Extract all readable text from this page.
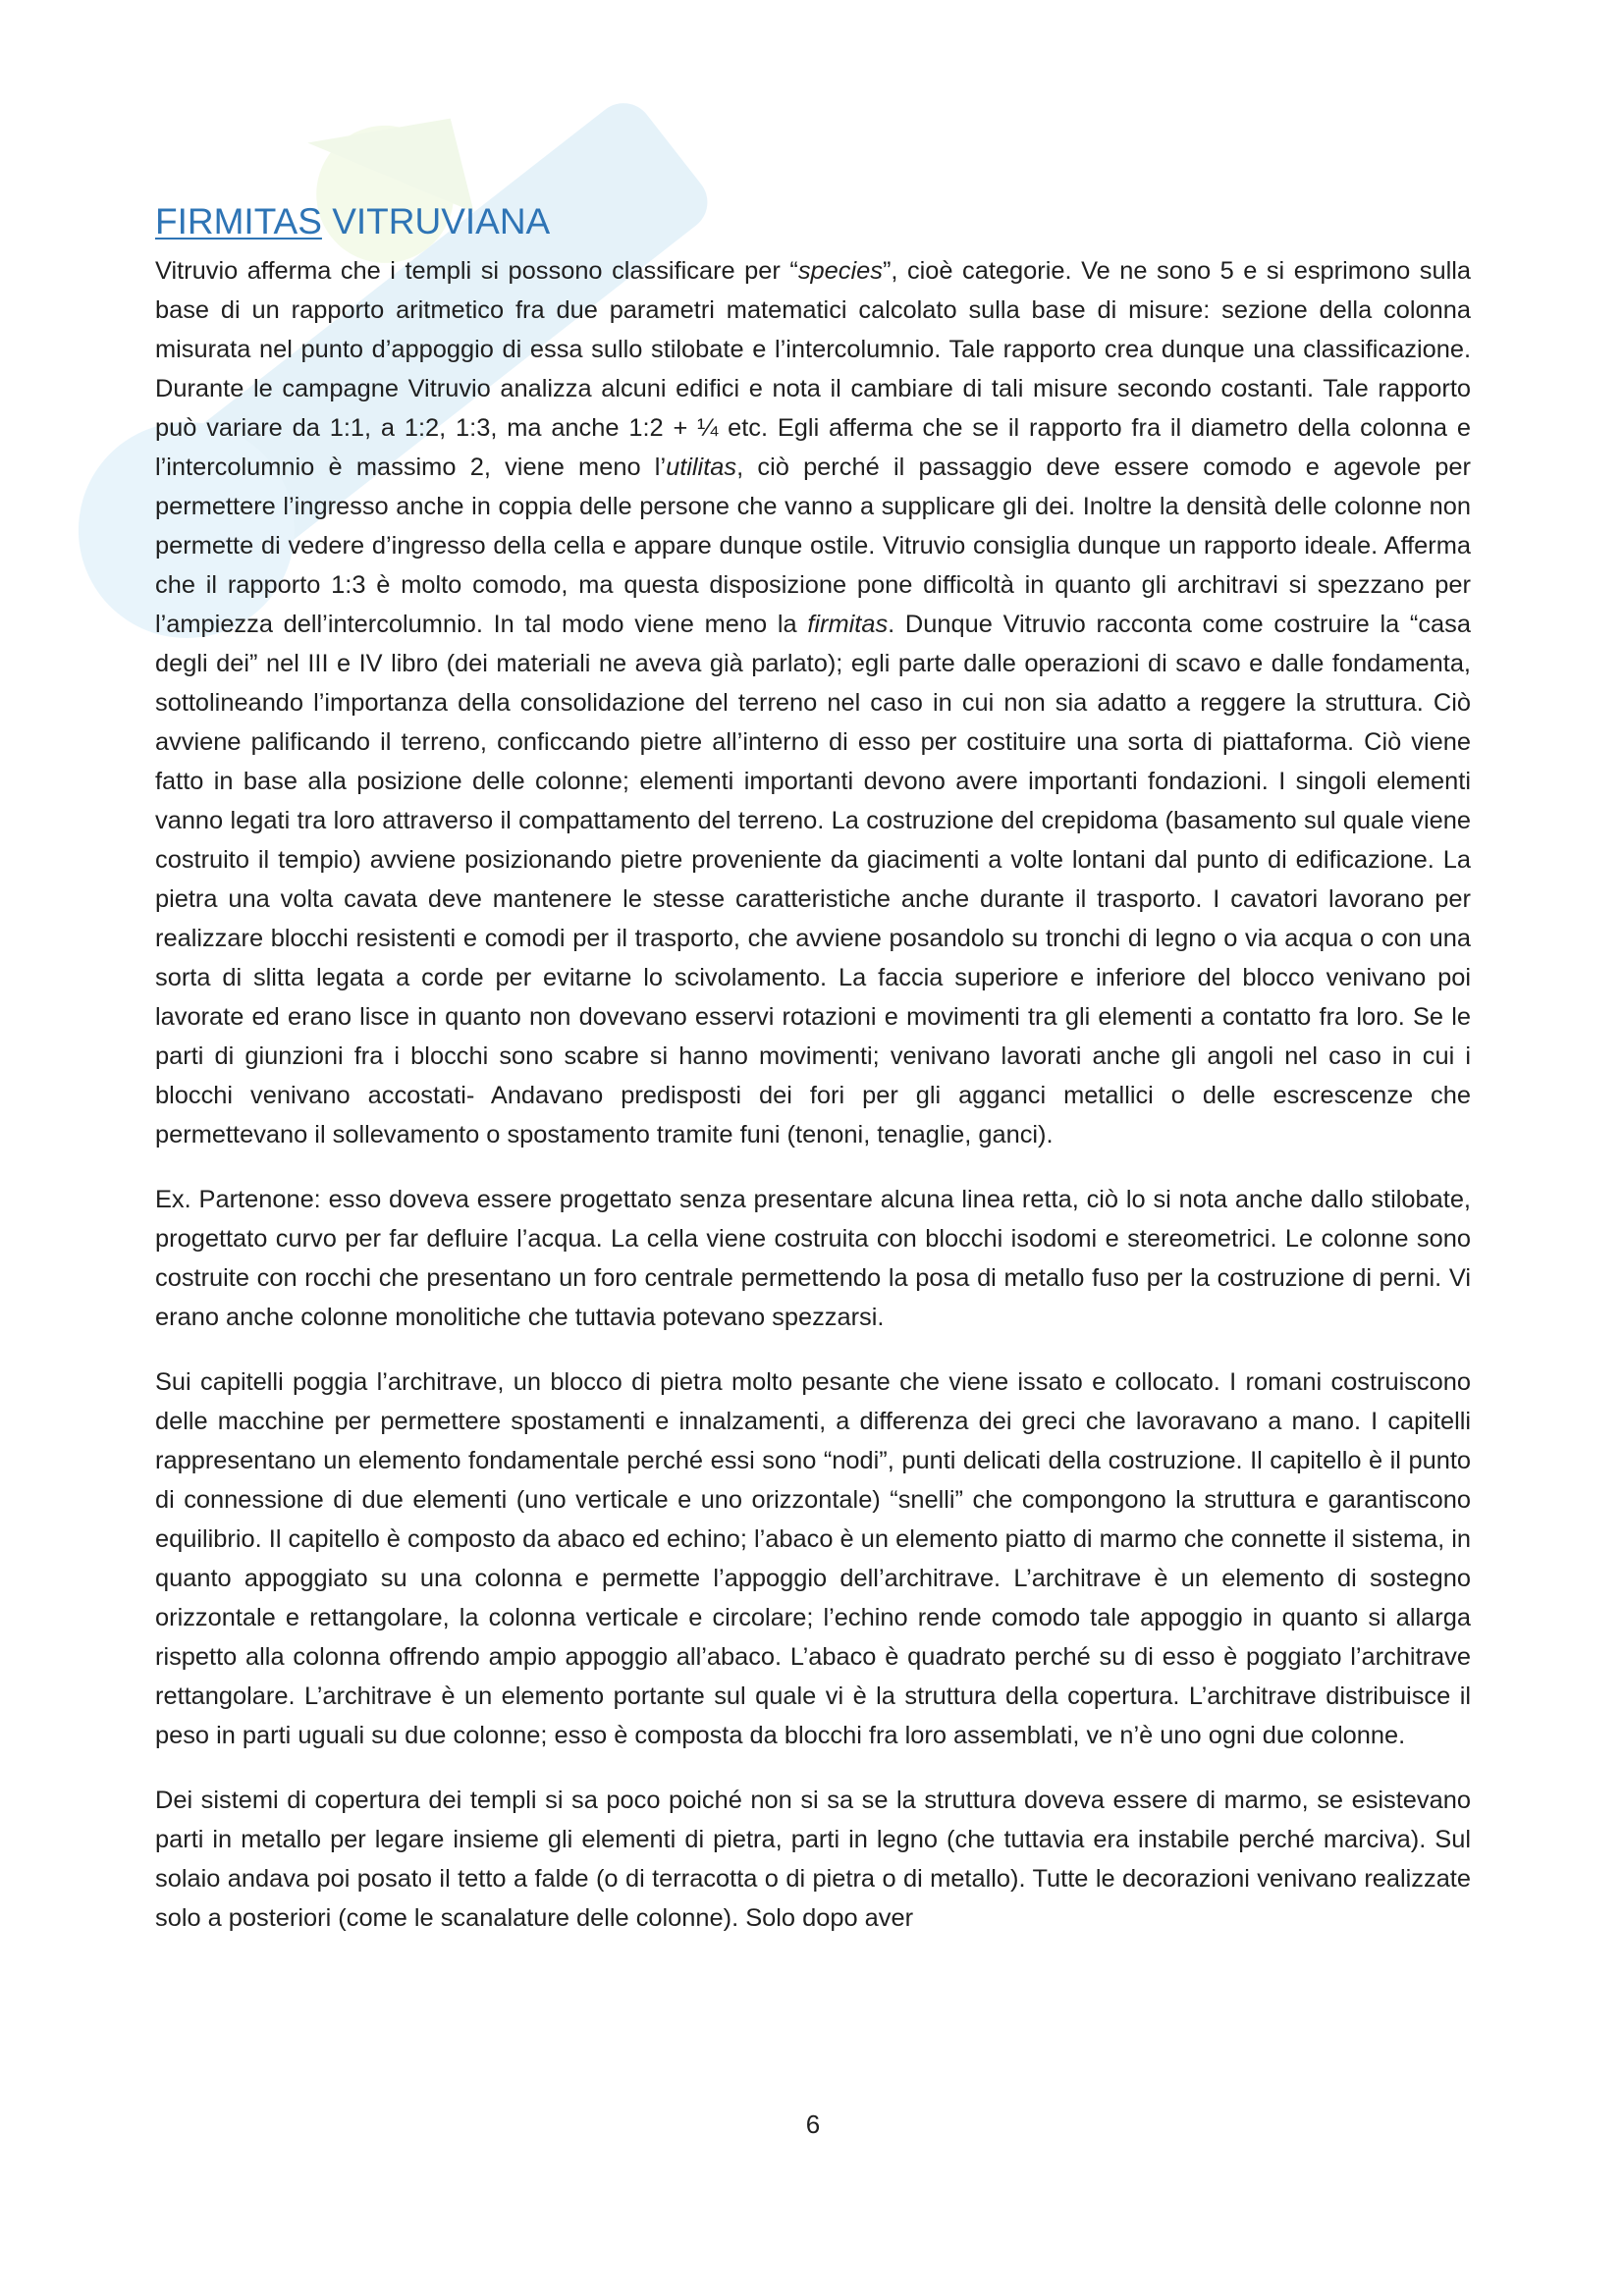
FIRMITAS VITRUVIANA

Vitruvio afferma che i templi si possono classificare per “species”, cioè categorie. Ve ne sono 5 e si esprimono sulla base di un rapporto aritmetico fra due parametri matematici calcolato sulla base di misure: sezione della colonna misurata nel punto d’appoggio di essa sullo stilobate e l’intercolumnio. Tale rapporto crea dunque una classificazione. Durante le campagne Vitruvio analizza alcuni edifici e nota il cambiare di tali misure secondo costanti. Tale rapporto può variare da 1:1, a 1:2, 1:3, ma anche 1:2 + ¼ etc. Egli afferma che se il rapporto fra il diametro della colonna e l’intercolumnio è massimo 2, viene meno l’utilitas, ciò perché il passaggio deve essere comodo e agevole per permettere l’ingresso anche in coppia delle persone che vanno a supplicare gli dei. Inoltre la densità delle colonne non permette di vedere d’ingresso della cella e appare dunque ostile. Vitruvio consiglia dunque un rapporto ideale. Afferma che il rapporto 1:3 è molto comodo, ma questa disposizione pone difficoltà in quanto gli architravi si spezzano per l’ampiezza dell’intercolumnio. In tal modo viene meno la firmitas. Dunque Vitruvio racconta come costruire la “casa degli dei” nel III e IV libro (dei materiali ne aveva già parlato); egli parte dalle operazioni di scavo e dalle fondamenta, sottolineando l’importanza della consolidazione del terreno nel caso in cui non sia adatto a reggere la struttura. Ciò avviene palificando il terreno, conficcando pietre all’interno di esso per costituire una sorta di piattaforma. Ciò viene fatto in base alla posizione delle colonne; elementi importanti devono avere importanti fondazioni. I singoli elementi vanno legati tra loro attraverso il compattamento del terreno. La costruzione del crepidoma (basamento sul quale viene costruito il tempio) avviene posizionando pietre proveniente da giacimenti a volte lontani dal punto di edificazione. La pietra una volta cavata deve mantenere le stesse caratteristiche anche durante il trasporto. I cavatori lavorano per realizzare blocchi resistenti e comodi per il trasporto, che avviene posandolo su tronchi di legno o via acqua o con una sorta di slitta legata a corde per evitarne lo scivolamento. La faccia superiore e inferiore del blocco venivano poi lavorate ed erano lisce in quanto non dovevano esservi rotazioni e movimenti tra gli elementi a contatto fra loro. Se le parti di giunzioni fra i blocchi sono scabre si hanno movimenti; venivano lavorati anche gli angoli nel caso in cui i blocchi venivano accostati- Andavano predisposti dei fori per gli agganci metallici o delle escrescenze che permettevano il sollevamento o spostamento tramite funi (tenoni, tenaglie, ganci).

Ex. Partenone: esso doveva essere progettato senza presentare alcuna linea retta, ciò lo si nota anche dallo stilobate, progettato curvo per far defluire l’acqua. La cella viene costruita con blocchi isodomi e stereometrici. Le colonne sono costruite con rocchi che presentano un foro centrale permettendo la posa di metallo fuso per la costruzione di perni. Vi erano anche colonne monolitiche che tuttavia potevano spezzarsi.

Sui capitelli poggia l’architrave, un blocco di pietra molto pesante che viene issato e collocato. I romani costruiscono delle macchine per permettere spostamenti e innalzamenti, a differenza dei greci che lavoravano a mano. I capitelli rappresentano un elemento fondamentale perché essi sono “nodi”, punti delicati della costruzione. Il capitello è il punto di connessione di due elementi (uno verticale e uno orizzontale) “snelli” che compongono la struttura e garantiscono equilibrio. Il capitello è composto da abaco ed echino; l’abaco è un elemento piatto di marmo che connette il sistema, in quanto appoggiato su una colonna e permette l’appoggio dell’architrave. L’architrave è un elemento di sostegno orizzontale e rettangolare, la colonna verticale e circolare; l’echino rende comodo tale appoggio in quanto si allarga rispetto alla colonna offrendo ampio appoggio all’abaco. L’abaco è quadrato perché su di esso è poggiato l’architrave rettangolare. L’architrave è un elemento portante sul quale vi è la struttura della copertura. L’architrave distribuisce il peso in parti uguali su due colonne; esso è composta da blocchi fra loro assemblati, ve n’è uno ogni due colonne.

Dei sistemi di copertura dei templi si sa poco poiché non si sa se la struttura doveva essere di marmo, se esistevano parti in metallo per legare insieme gli elementi di pietra, parti in legno (che tuttavia era instabile perché marciva). Sul solaio andava poi posato il tetto a falde (o di terracotta o di pietra o di metallo). Tutte le decorazioni venivano realizzate solo a posteriori (come le scanalature delle colonne). Solo dopo aver

6
